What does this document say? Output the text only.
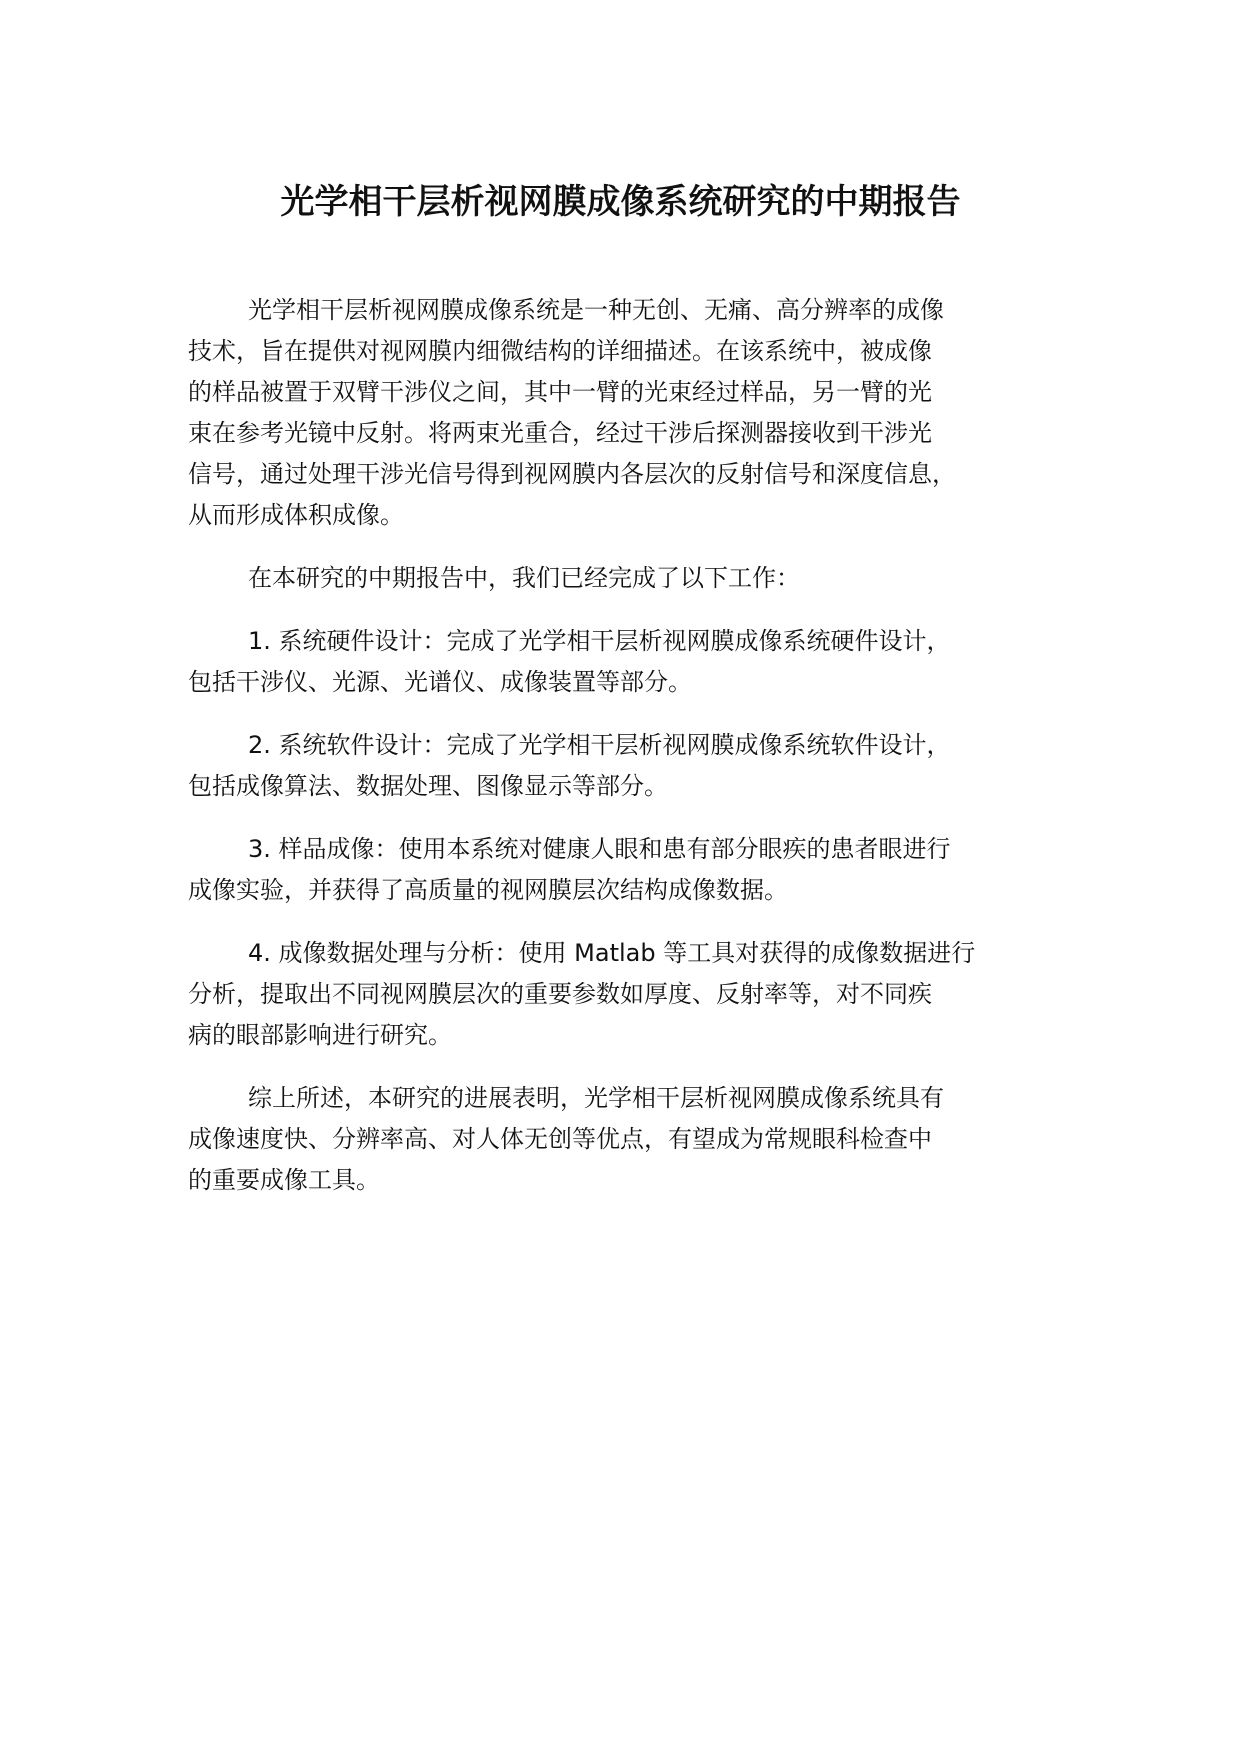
光学相干层析视网膜成像系统研究的中期报告

光学相干层析视网膜成像系统是一种无创、无痛、高分辨率的成像
技术，旨在提供对视网膜内细微结构的详细描述。在该系统中，被成像
的样品被置于双臂干涉仪之间，其中一臂的光束经过样品，另一臂的光
束在参考光镜中反射。将两束光重合，经过干涉后探测器接收到干涉光
信号，通过处理干涉光信号得到视网膜内各层次的反射信号和深度信息，
从而形成体积成像。

在本研究的中期报告中，我们已经完成了以下工作：

1. 系统硬件设计：完成了光学相干层析视网膜成像系统硬件设计，
包括干涉仪、光源、光谱仪、成像装置等部分。

2. 系统软件设计：完成了光学相干层析视网膜成像系统软件设计，
包括成像算法、数据处理、图像显示等部分。

3. 样品成像：使用本系统对健康人眼和患有部分眼疾的患者眼进行
成像实验，并获得了高质量的视网膜层次结构成像数据。

4. 成像数据处理与分析：使用 Matlab 等工具对获得的成像数据进行
分析，提取出不同视网膜层次的重要参数如厚度、反射率等，对不同疾
病的眼部影响进行研究。

综上所述，本研究的进展表明，光学相干层析视网膜成像系统具有
成像速度快、分辨率高、对人体无创等优点，有望成为常规眼科检查中
的重要成像工具。
